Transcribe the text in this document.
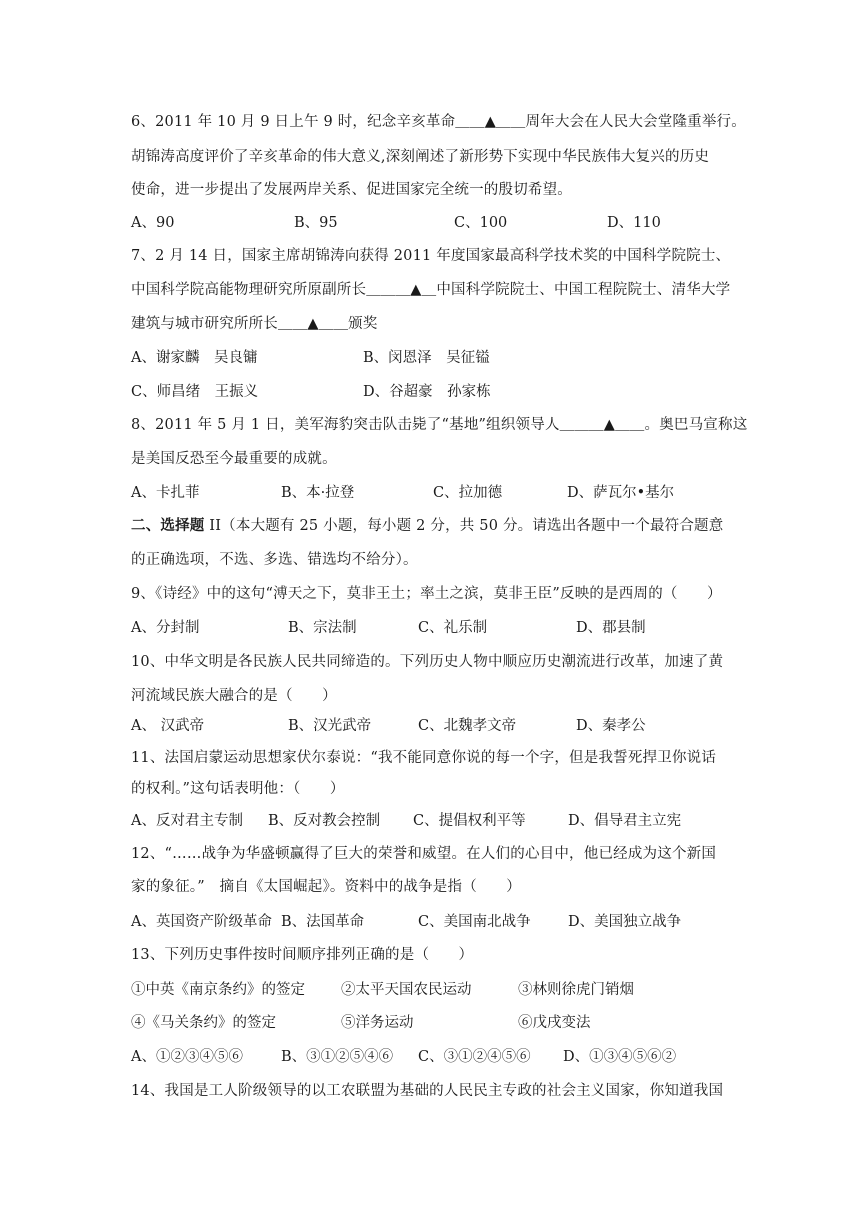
6、2011 年 10 月 9 日上午 9 时，纪念辛亥革命＿＿▲＿＿周年大会在人民大会堂隆重举行。
胡锦涛高度评价了辛亥革命的伟大意义,深刻阐述了新形势下实现中华民族伟大复兴的历史
使命，进一步提出了发展两岸关系、促进国家完全统一的殷切希望。
A、90	B、95	C、100	D、110
7、2 月 14 日，国家主席胡锦涛向获得 2011 年度国家最高科学技术奖的中国科学院院士、
中国科学院高能物理研究所原副所长＿＿＿▲＿中国科学院院士、中国工程院院士、清华大学
建筑与城市研究所所长＿＿▲＿＿颁奖
A、谢家麟　吴良镛	B、闵恩泽　吴征镒
C、师昌绪　王振义	D、谷超豪　孙家栋
8、2011 年 5 月 1 日，美军海豹突击队击毙了“基地”组织领导人＿＿＿▲＿＿。奥巴马宣称这
是美国反恐至今最重要的成就。
A、卡扎菲	B、本·拉登	C、拉加德	D、萨瓦尔•基尔
二、选择题 II（本大题有 25 小题，每小题 2 分，共 50 分。请选出各题中一个最符合题意
的正确选项，不选、多选、错选均不给分）。
9、《诗经》中的这句“溥天之下，莫非王土；率土之滨，莫非王臣”反映的是西周的（　　）
A、分封制	B、宗法制	C、礼乐制	D、郡县制
10、中华文明是各民族人民共同缔造的。下列历史人物中顺应历史潮流进行改革，加速了黄
河流域民族大融合的是（　　）
A、 汉武帝	B、汉光武帝	C、北魏孝文帝	D、秦孝公
11、法国启蒙运动思想家伏尔泰说：“我不能同意你说的每一个字，但是我誓死捍卫你说话
的权利。”这句话表明他：（　　）
A、反对君主专制 B、反对教会控制 C、提倡权利平等	D、倡导君主立宪
12、“……战争为华盛顿赢得了巨大的荣誉和威望。在人们的心目中，他已经成为这个新国
家的象征。”　摘自《太国崛起》。资料中的战争是指（　　）
A、英国资产阶级革命 B、法国革命	C、美国南北战争	D、美国独立战争
13、下列历史事件按时间顺序排列正确的是（　　）
①中英《南京条约》的签定 ②太平天国农民运动	③林则徐虎门销烟
④《马关条约》的签定	⑤洋务运动	⑥戊戌变法
A、①②③④⑤⑥	B、③①②⑤④⑥ C、③①②④⑤⑥ D、①③④⑤⑥②
14、我国是工人阶级领导的以工农联盟为基础的人民民主专政的社会主义国家，你知道我国
